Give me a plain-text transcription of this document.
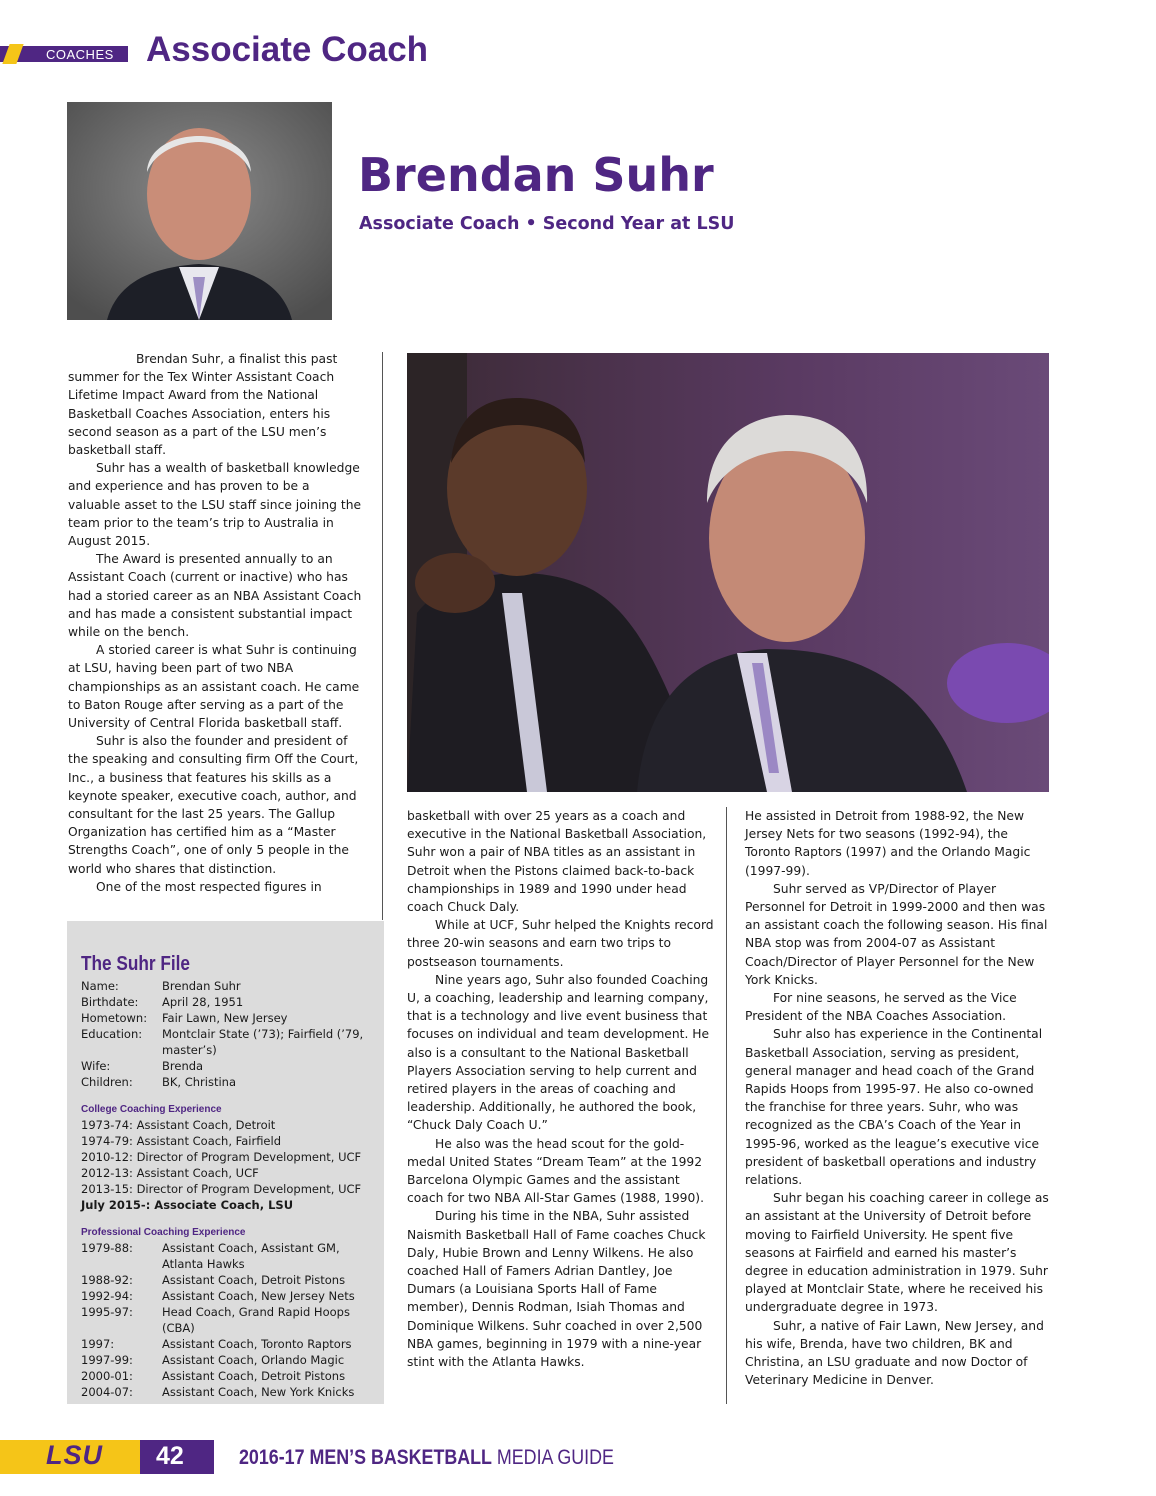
COACHES Associate Coach
Brendan Suhr
Associate Coach • Second Year at LSU

Brendan Suhr, a finalist this past summer for the Tex Winter Assistant Coach Lifetime Impact Award from the National Basketball Coaches Association, enters his second season as a part of the LSU men’s basketball staff.

Suhr has a wealth of basketball knowledge and experience and has proven to be a valuable asset to the LSU staff since joining the team prior to the team’s trip to Australia in August 2015.

The Award is presented annually to an Assistant Coach (current or inactive) who has had a storied career as an NBA Assistant Coach and has made a consistent substantial impact while on the bench.

A storied career is what Suhr is continuing at LSU, having been part of two NBA championships as an assistant coach. He came to Baton Rouge after serving as a part of the University of Central Florida basketball staff.

Suhr is also the founder and president of the speaking and consulting firm Off the Court, Inc., a business that features his skills as a keynote speaker, executive coach, author, and consultant for the last 25 years. The Gallup Organization has certified him as a “Master Strengths Coach”, one of only 5 people in the world who shares that distinction.

One of the most respected figures in

basketball with over 25 years as a coach and executive in the National Basketball Association, Suhr won a pair of NBA titles as an assistant in Detroit when the Pistons claimed back-to-back championships in 1989 and 1990 under head coach Chuck Daly.

While at UCF, Suhr helped the Knights record three 20-win seasons and earn two trips to postseason tournaments.

Nine years ago, Suhr also founded Coaching U, a coaching, leadership and learning company, that is a technology and live event business that focuses on individual and team development. He also is a consultant to the National Basketball Players Association serving to help current and retired players in the areas of coaching and leadership. Additionally, he authored the book, “Chuck Daly Coach U.”

He also was the head scout for the gold-medal United States “Dream Team” at the 1992 Barcelona Olympic Games and the assistant coach for two NBA All-Star Games (1988, 1990).

During his time in the NBA, Suhr assisted Naismith Basketball Hall of Fame coaches Chuck Daly, Hubie Brown and Lenny Wilkens. He also coached Hall of Famers Adrian Dantley, Joe Dumars (a Louisiana Sports Hall of Fame member), Dennis Rodman, Isiah Thomas and Dominique Wilkens. Suhr coached in over 2,500 NBA games, beginning in 1979 with a nine-year stint with the Atlanta Hawks.

He assisted in Detroit from 1988-92, the New Jersey Nets for two seasons (1992-94), the Toronto Raptors (1997) and the Orlando Magic (1997-99).

Suhr served as VP/Director of Player Personnel for Detroit in 1999-2000 and then was an assistant coach the following season. His final NBA stop was from 2004-07 as Assistant Coach/Director of Player Personnel for the New York Knicks.

For nine seasons, he served as the Vice President of the NBA Coaches Association.

Suhr also has experience in the Continental Basketball Association, serving as president, general manager and head coach of the Grand Rapids Hoops from 1995-97. He also co-owned the franchise for three years. Suhr, who was recognized as the CBA’s Coach of the Year in 1995-96, worked as the league’s executive vice president of basketball operations and industry relations.

Suhr began his coaching career in college as an assistant at the University of Detroit before moving to Fairfield University. He spent five seasons at Fairfield and earned his master’s degree in education administration in 1979. Suhr played at Montclair State, where he received his undergraduate degree in 1973.

Suhr, a native of Fair Lawn, New Jersey, and his wife, Brenda, have two children, BK and Christina, an LSU graduate and now Doctor of Veterinary Medicine in Denver.

The Suhr File
Name:	Brendan Suhr
Birthdate:	April 28, 1951
Hometown:	Fair Lawn, New Jersey
Education:	Montclair State (’73); Fairfield (’79, master’s)
Wife:	Brenda
Children:	BK, Christina
College Coaching Experience
1973-74: Assistant Coach, Detroit
1974-79: Assistant Coach, Fairfield
2010-12: Director of Program Development, UCF
2012-13: Assistant Coach, UCF
2013-15: Director of Program Development, UCF
July 2015-: Associate Coach, LSU
Professional Coaching Experience
1979-88:	Assistant Coach, Assistant GM, Atlanta Hawks
1988-92:	Assistant Coach, Detroit Pistons
1992-94:	Assistant Coach, New Jersey Nets
1995-97:	Head Coach, Grand Rapid Hoops (CBA)
1997:	Assistant Coach, Toronto Raptors
1997-99:	Assistant Coach, Orlando Magic
2000-01:	Assistant Coach, Detroit Pistons
2004-07:	Assistant Coach, New York Knicks
LSU 42	2016-17 MEN’S BASKETBALL MEDIA GUIDE
